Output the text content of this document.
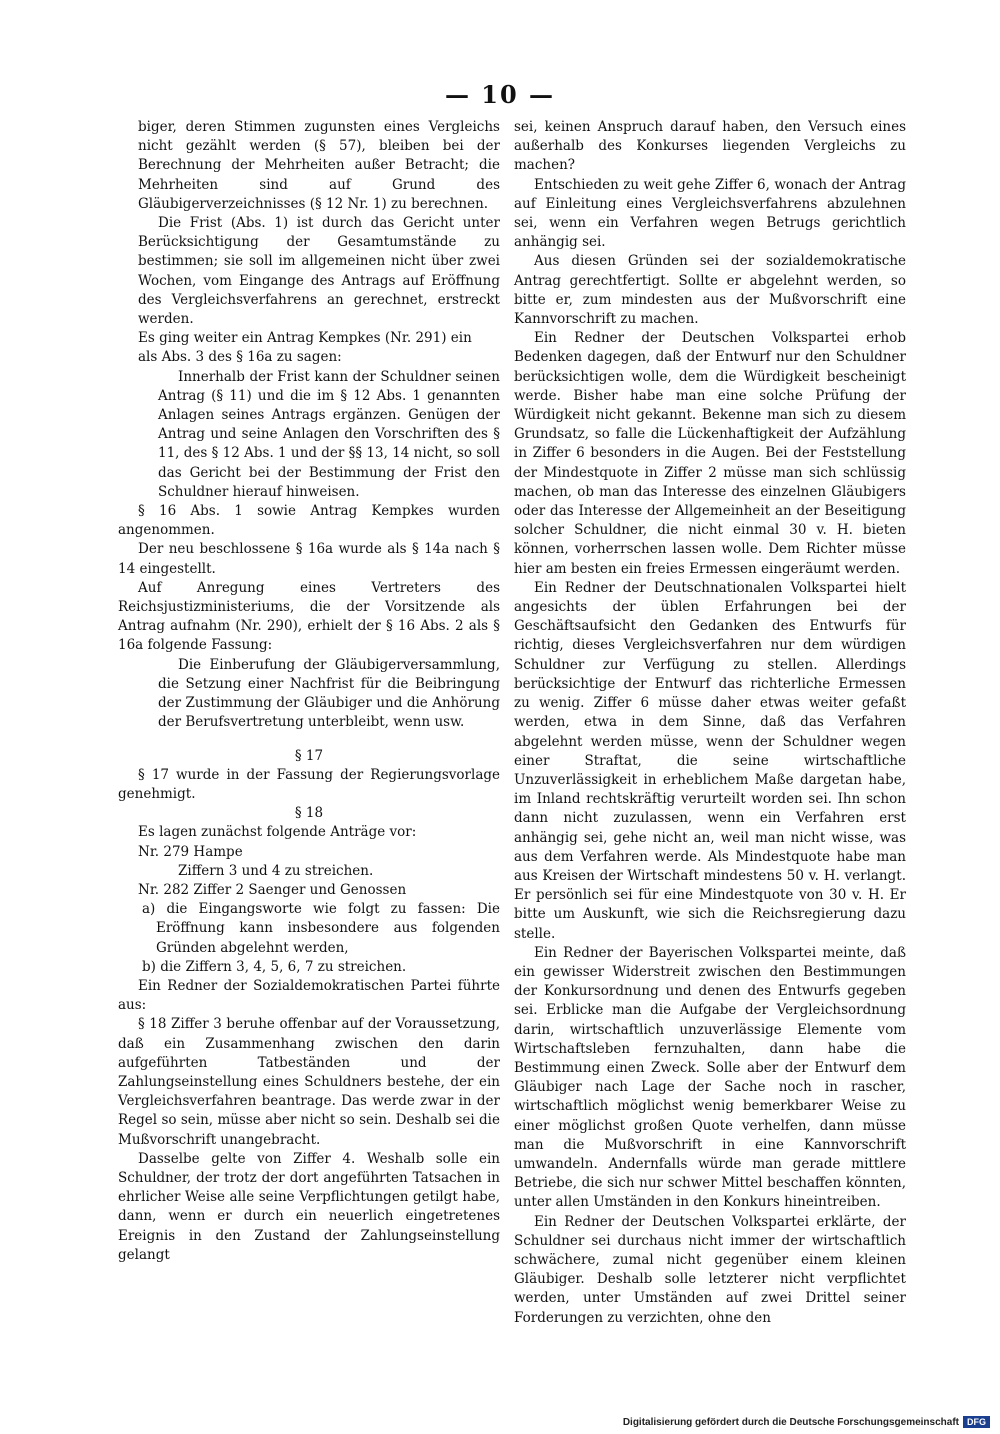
— 10 —

biger, deren Stimmen zugunsten eines Vergleichs nicht gezählt werden (§ 57), bleiben bei der Berechnung der Mehrheiten außer Betracht; die Mehrheiten sind auf Grund des Gläubigerverzeichnisses (§ 12 Nr. 1) zu berechnen.

Die Frist (Abs. 1) ist durch das Gericht unter Berücksichtigung der Gesamtumstände zu bestimmen; sie soll im allgemeinen nicht über zwei Wochen, vom Eingange des Antrags auf Eröffnung des Vergleichsverfahrens an gerechnet, erstreckt werden.

Es ging weiter ein Antrag Kempkes (Nr. 291) ein

als Abs. 3 des § 16a zu sagen:

Innerhalb der Frist kann der Schuldner seinen Antrag (§ 11) und die im § 12 Abs. 1 genannten Anlagen seines Antrags ergänzen. Genügen der Antrag und seine Anlagen den Vorschriften des § 11, des § 12 Abs. 1 und der §§ 13, 14 nicht, so soll das Gericht bei der Bestimmung der Frist den Schuldner hierauf hinweisen.

§ 16 Abs. 1 sowie Antrag Kempkes wurden angenommen.

Der neu beschlossene § 16a wurde als § 14a nach § 14 eingestellt.

Auf Anregung eines Vertreters des Reichsjustizministeriums, die der Vorsitzende als Antrag aufnahm (Nr. 290), erhielt der § 16 Abs. 2 als § 16a folgende Fassung:

Die Einberufung der Gläubigerversammlung, die Setzung einer Nachfrist für die Beibringung der Zustimmung der Gläubiger und die Anhörung der Berufsvertretung unterbleibt, wenn usw.

§ 17

§ 17 wurde in der Fassung der Regierungsvorlage genehmigt.

§ 18

Es lagen zunächst folgende Anträge vor:

Nr. 279 Hampe

Ziffern 3 und 4 zu streichen.

Nr. 282 Ziffer 2 Saenger und Genossen

a) die Eingangsworte wie folgt zu fassen: Die Eröffnung kann insbesondere aus folgenden Gründen abgelehnt werden,

b) die Ziffern 3, 4, 5, 6, 7 zu streichen.

Ein Redner der Sozialdemokratischen Partei führte aus:

§ 18 Ziffer 3 beruhe offenbar auf der Voraussetzung, daß ein Zusammenhang zwischen den darin aufgeführten Tatbeständen und der Zahlungseinstellung eines Schuldners bestehe, der ein Vergleichsverfahren beantrage. Das werde zwar in der Regel so sein, müsse aber nicht so sein. Deshalb sei die Mußvorschrift unangebracht.

Dasselbe gelte von Ziffer 4. Weshalb solle ein Schuldner, der trotz der dort angeführten Tatsachen in ehrlicher Weise alle seine Verpflichtungen getilgt habe, dann, wenn er durch ein neuerlich eingetretenes Ereignis in den Zustand der Zahlungseinstellung gelangt

sei, keinen Anspruch darauf haben, den Versuch eines außerhalb des Konkurses liegenden Vergleichs zu machen?

Entschieden zu weit gehe Ziffer 6, wonach der Antrag auf Einleitung eines Vergleichsverfahrens abzulehnen sei, wenn ein Verfahren wegen Betrugs gerichtlich anhängig sei.

Aus diesen Gründen sei der sozialdemokratische Antrag gerechtfertigt. Sollte er abgelehnt werden, so bitte er, zum mindesten aus der Mußvorschrift eine Kannvorschrift zu machen.

Ein Redner der Deutschen Volkspartei erhob Bedenken dagegen, daß der Entwurf nur den Schuldner berücksichtigen wolle, dem die Würdigkeit bescheinigt werde. Bisher habe man eine solche Prüfung der Würdigkeit nicht gekannt. Bekenne man sich zu diesem Grundsatz, so falle die Lückenhaftigkeit der Aufzählung in Ziffer 6 besonders in die Augen. Bei der Feststellung der Mindestquote in Ziffer 2 müsse man sich schlüssig machen, ob man das Interesse des einzelnen Gläubigers oder das Interesse der Allgemeinheit an der Beseitigung solcher Schuldner, die nicht einmal 30 v. H. bieten können, vorherrschen lassen wolle. Dem Richter müsse hier am besten ein freies Ermessen eingeräumt werden.

Ein Redner der Deutschnationalen Volkspartei hielt angesichts der üblen Erfahrungen bei der Geschäftsaufsicht den Gedanken des Entwurfs für richtig, dieses Vergleichsverfahren nur dem würdigen Schuldner zur Verfügung zu stellen. Allerdings berücksichtige der Entwurf das richterliche Ermessen zu wenig. Ziffer 6 müsse daher etwas weiter gefaßt werden, etwa in dem Sinne, daß das Verfahren abgelehnt werden müsse, wenn der Schuldner wegen einer Straftat, die seine wirtschaftliche Unzuverlässigkeit in erheblichem Maße dargetan habe, im Inland rechtskräftig verurteilt worden sei. Ihn schon dann nicht zuzulassen, wenn ein Verfahren erst anhängig sei, gehe nicht an, weil man nicht wisse, was aus dem Verfahren werde. Als Mindestquote habe man aus Kreisen der Wirtschaft mindestens 50 v. H. verlangt. Er persönlich sei für eine Mindestquote von 30 v. H. Er bitte um Auskunft, wie sich die Reichsregierung dazu stelle.

Ein Redner der Bayerischen Volkspartei meinte, daß ein gewisser Widerstreit zwischen den Bestimmungen der Konkursordnung und denen des Entwurfs gegeben sei. Erblicke man die Aufgabe der Vergleichsordnung darin, wirtschaftlich unzuverlässige Elemente vom Wirtschaftsleben fernzuhalten, dann habe die Bestimmung einen Zweck. Solle aber der Entwurf dem Gläubiger nach Lage der Sache noch in rascher, wirtschaftlich möglichst wenig bemerkbarer Weise zu einer möglichst großen Quote verhelfen, dann müsse man die Mußvorschrift in eine Kannvorschrift umwandeln. Andernfalls würde man gerade mittlere Betriebe, die sich nur schwer Mittel beschaffen könnten, unter allen Umständen in den Konkurs hineintreiben.

Ein Redner der Deutschen Volkspartei erklärte, der Schuldner sei durchaus nicht immer der wirtschaftlich schwächere, zumal nicht gegenüber einem kleinen Gläubiger. Deshalb solle letzterer nicht verpflichtet werden, unter Umständen auf zwei Drittel seiner Forderungen zu verzichten, ohne den

Digitalisierung gefördert durch die Deutsche Forschungsgemeinschaft DFG
